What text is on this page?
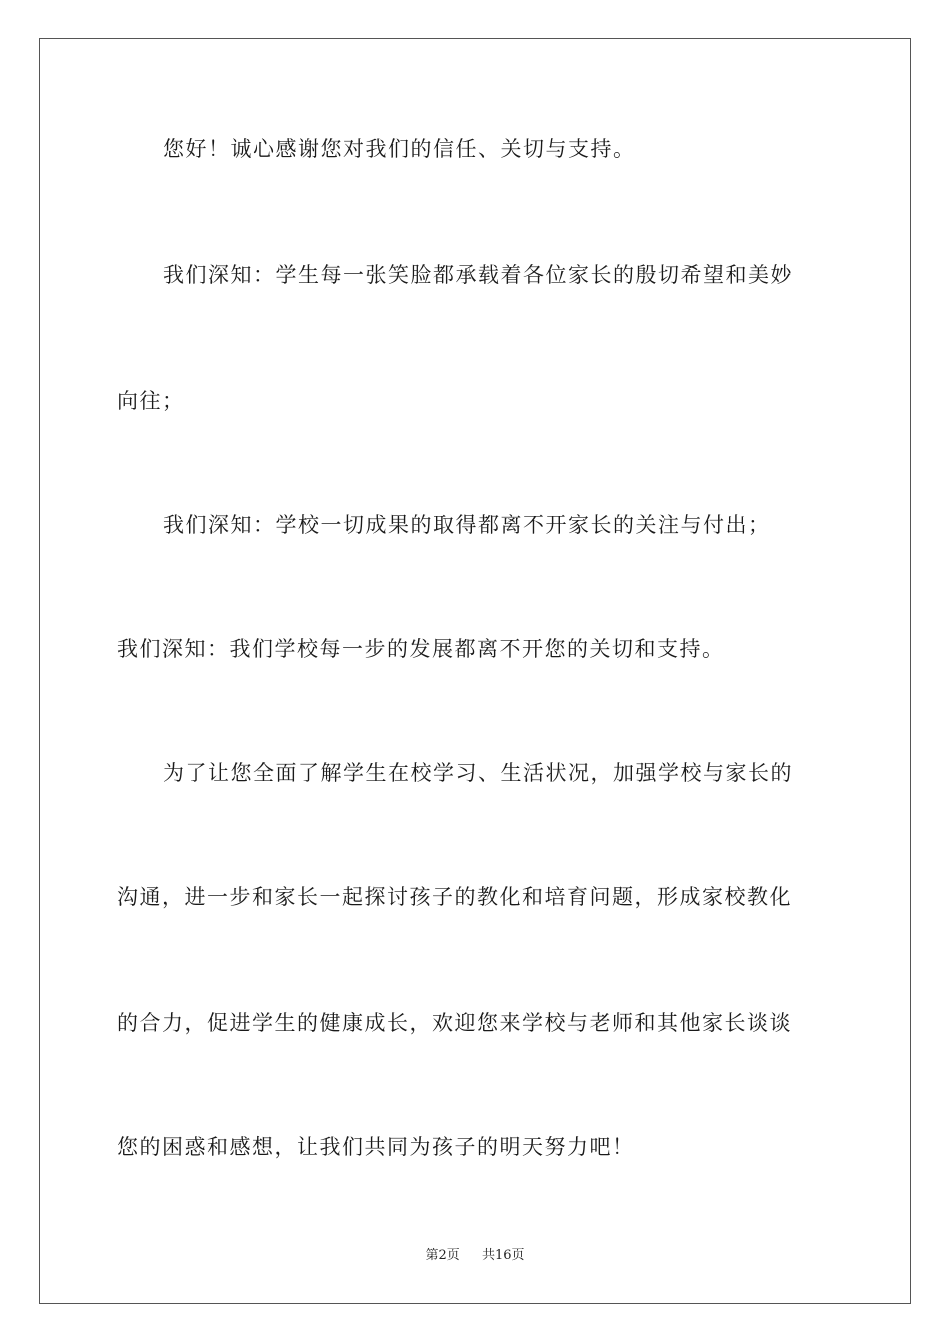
您好！诚心感谢您对我们的信任、关切与支持。
我们深知：学生每一张笑脸都承载着各位家长的殷切希望和美妙
向往；
我们深知：学校一切成果的取得都离不开家长的关注与付出；
我们深知：我们学校每一步的发展都离不开您的关切和支持。
为了让您全面了解学生在校学习、生活状况，加强学校与家长的
沟通，进一步和家长一起探讨孩子的教化和培育问题，形成家校教化
的合力，促进学生的健康成长，欢迎您来学校与老师和其他家长谈谈
您的困惑和感想，让我们共同为孩子的明天努力吧！
第2页 共16页
